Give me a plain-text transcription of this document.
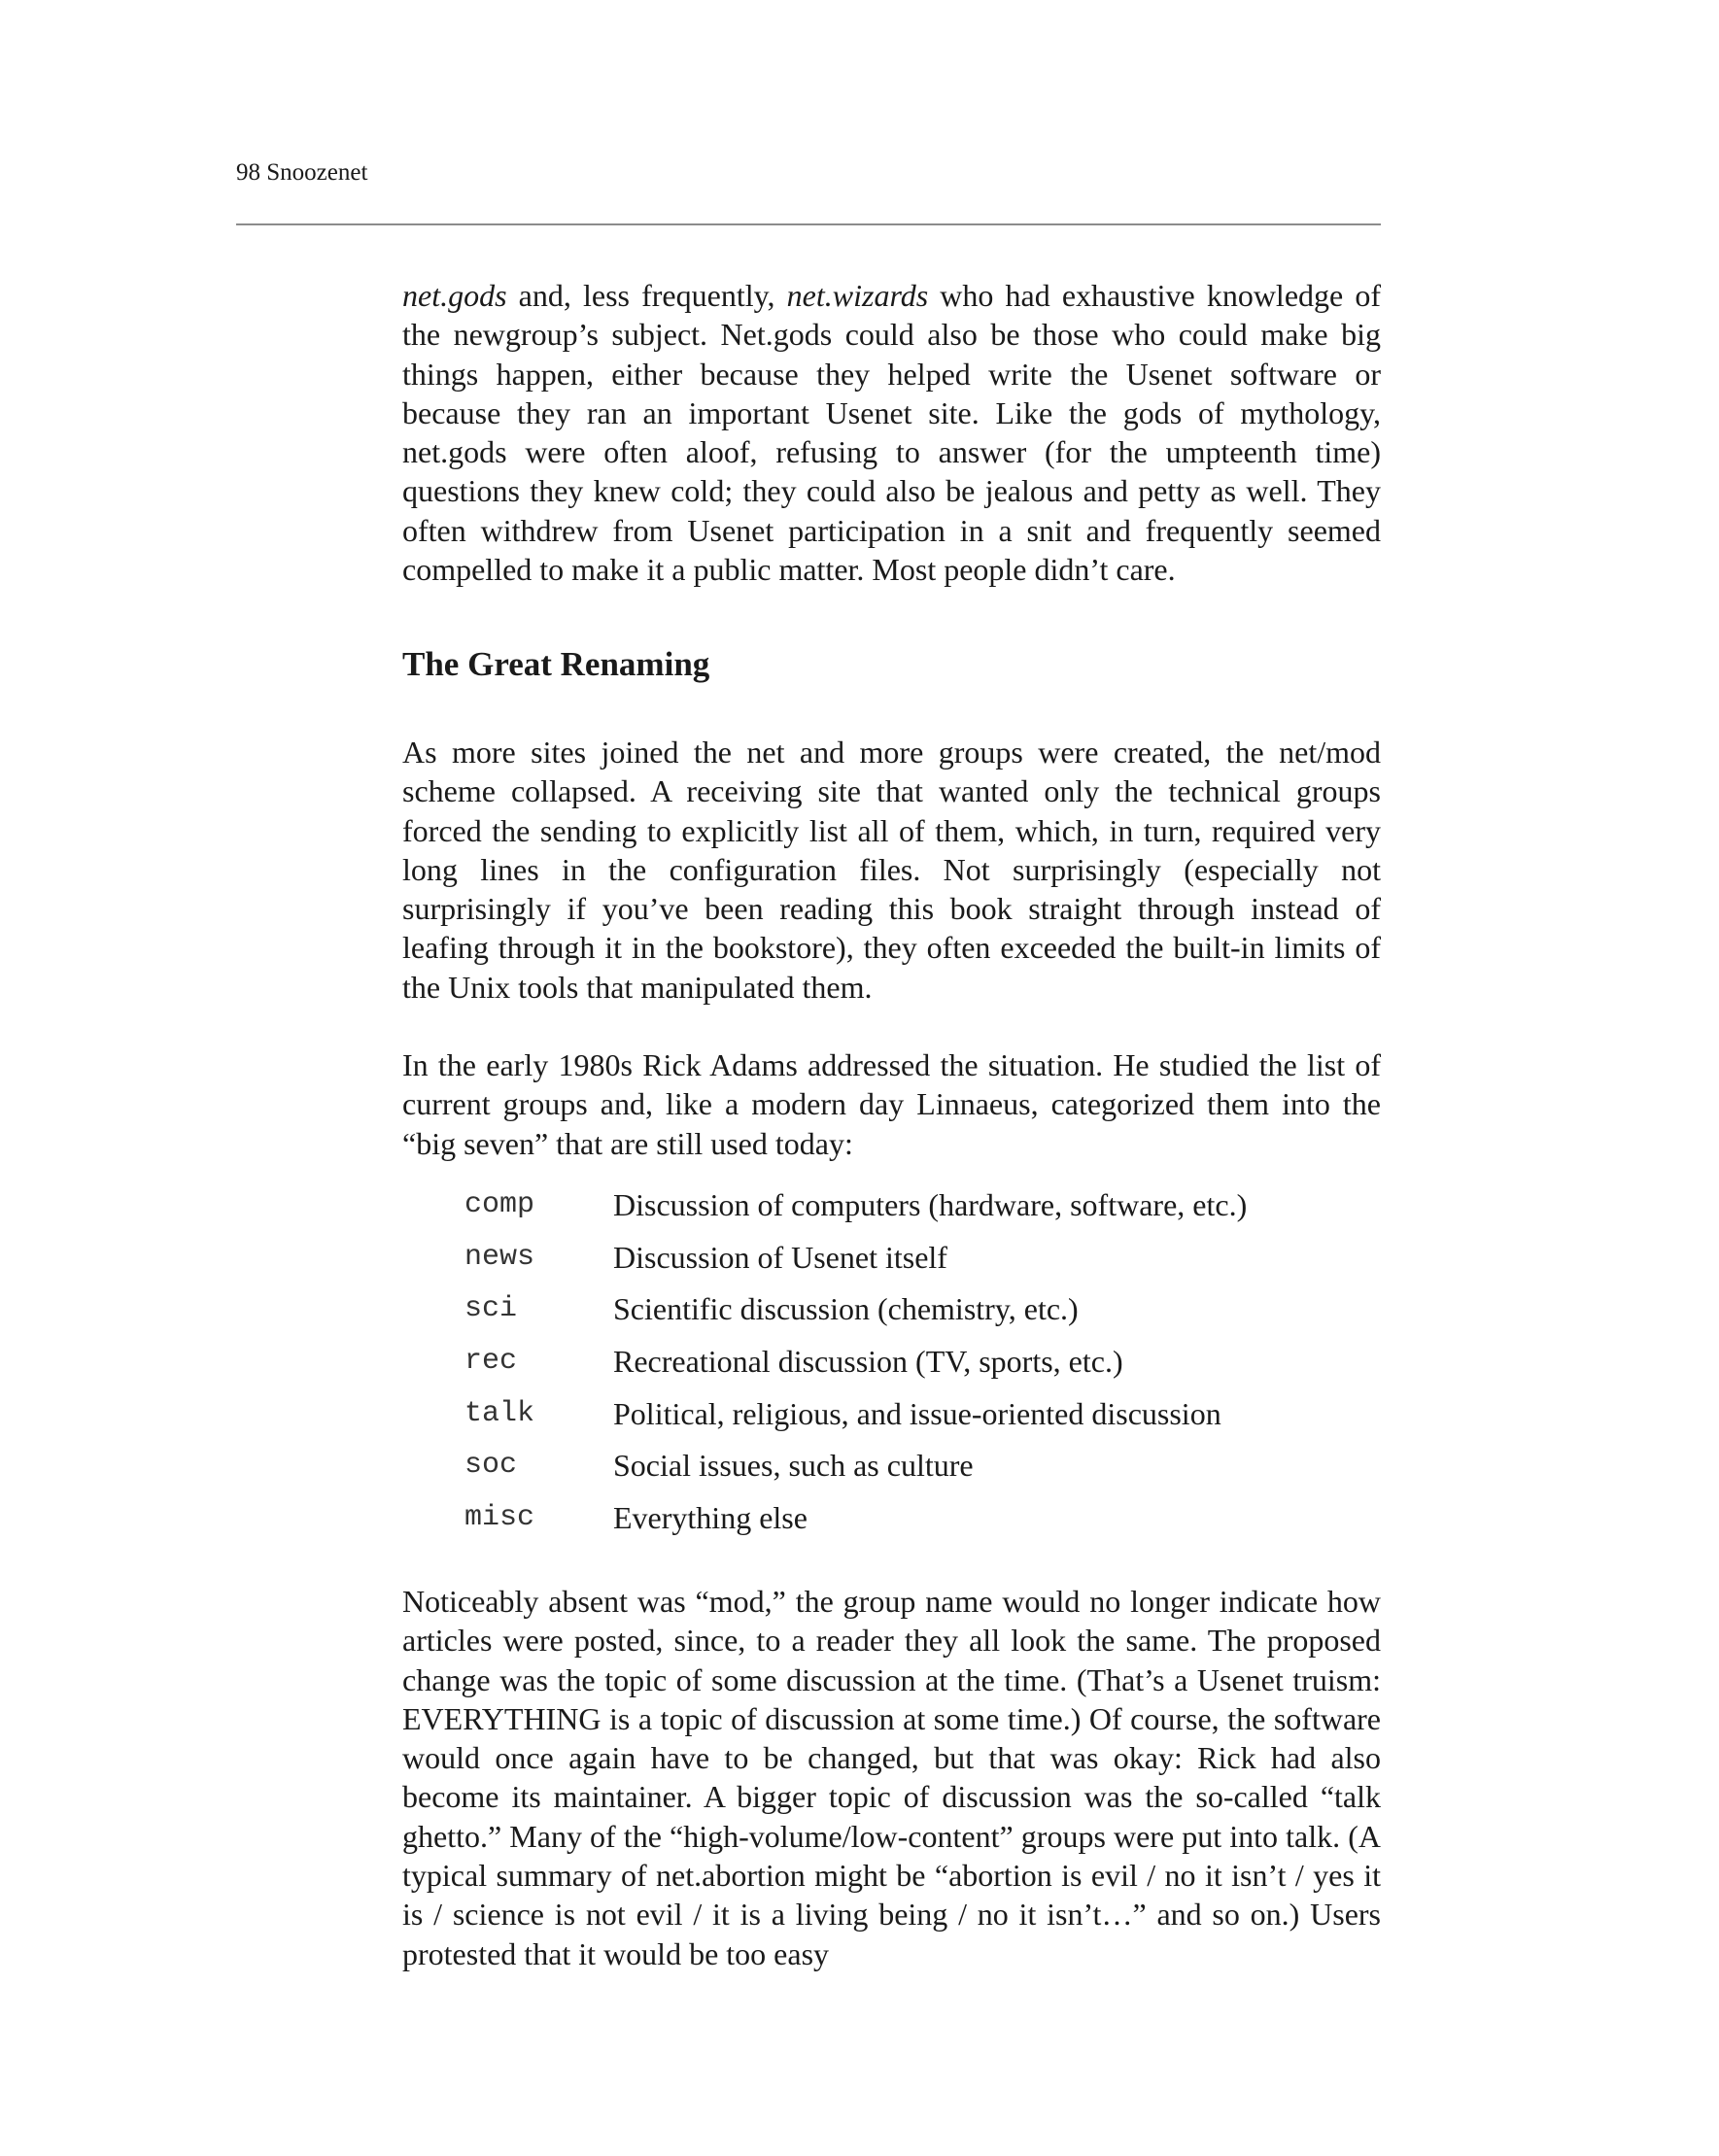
98 Snoozenet

net.gods and, less frequently, net.wizards who had exhaustive knowledge of the newgroup’s subject. Net.gods could also be those who could make big things happen, either because they helped write the Usenet software or because they ran an important Usenet site. Like the gods of mythology, net.gods were often aloof, refusing to answer (for the umpteenth time) questions they knew cold; they could also be jealous and petty as well. They often withdrew from Usenet participation in a snit and frequently seemed compelled to make it a public matter. Most people didn’t care.

The Great Renaming

As more sites joined the net and more groups were created, the net/mod scheme collapsed. A receiving site that wanted only the technical groups forced the sending to explicitly list all of them, which, in turn, required very long lines in the configuration files. Not surprisingly (especially not surprisingly if you’ve been reading this book straight through instead of leafing through it in the bookstore), they often exceeded the built-in limits of the Unix tools that manipulated them.

In the early 1980s Rick Adams addressed the situation. He studied the list of current groups and, like a modern day Linnaeus, categorized them into the “big seven” that are still used today:

comp	Discussion of computers (hardware, software, etc.)
news	Discussion of Usenet itself
sci	Scientific discussion (chemistry, etc.)
rec	Recreational discussion (TV, sports, etc.)
talk	Political, religious, and issue-oriented discussion
soc	Social issues, such as culture
misc	Everything else

Noticeably absent was “mod,” the group name would no longer indicate how articles were posted, since, to a reader they all look the same. The proposed change was the topic of some discussion at the time. (That’s a Usenet truism: EVERYTHING is a topic of discussion at some time.) Of course, the software would once again have to be changed, but that was okay: Rick had also become its maintainer. A bigger topic of discussion was the so-called “talk ghetto.” Many of the “high-volume/low-content” groups were put into talk. (A typical summary of net.abortion might be “abortion is evil / no it isn’t / yes it is / science is not evil / it is a living being / no it isn’t…” and so on.) Users protested that it would be too easy
